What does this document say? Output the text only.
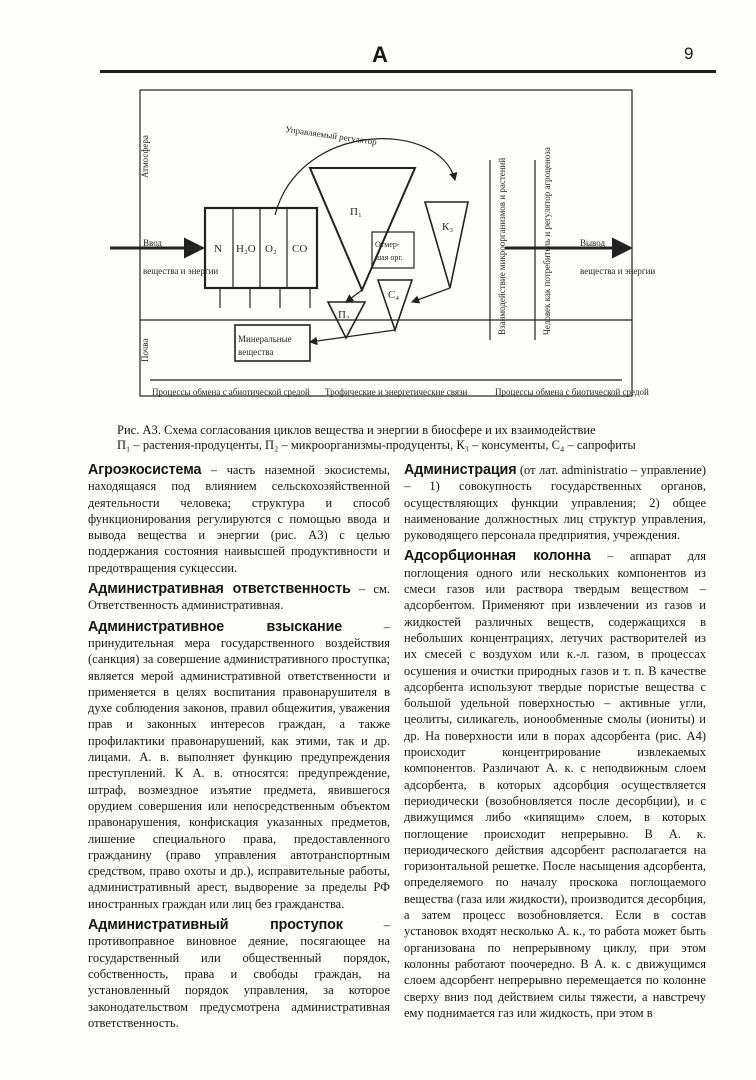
А	9
Атмосфера
Почва
Ввод
вещества и энергии
Вывод
вещества и энергии
Управляемый регулятор
Взаимодействие микроорганизмов и растений	Человек как потребитель и регулятор агроценоза
Отмер-
шая орг.
Минеральные
вещества
Процессы обмена с абиотической средой Трофические и энергетические связи	Процессы обмена с биотической средой
N H₂O O₂ CO
П₁
К₃
С₄
П₂
Рис. А3. Схема согласования циклов вещества и энергии в биосфере и их взаимодействие
П₁ – растения-продуценты, П₂ – микроорганизмы-продуценты, К₃ – консументы, С₄ – сапрофиты

Агроэкосистема – часть наземной экосистемы, находящаяся под влиянием сельскохозяйственной деятельности человека; структура и способ функционирования регулируются с помощью ввода и вывода вещества и энергии (рис. А3) с целью поддержания состояния наивысшей продуктивности и предотвращения сукцессии.

Административная ответственность – см. Ответственность административная.

Административное взыскание – принудительная мера государственного воздействия (санкция) за совершение административного проступка; является мерой административной ответственности и применяется в целях воспитания правонарушителя в духе соблюдения законов, правил общежития, уважения прав и законных интересов граждан, а также профилактики правонарушений, как этими, так и др. лицами. А. в. выполняет функцию предупреждения преступлений. К А. в. относятся: предупреждение, штраф, возмездное изъятие предмета, явившегося орудием совершения или непосредственным объектом правонарушения, конфискация указанных предметов, лишение специального права, предоставленного гражданину (право управления автотранспортным средством, право охоты и др.), исправительные работы, административный арест, выдворение за пределы РФ иностранных граждан или лиц без гражданства.

Административный проступок – противоправное виновное деяние, посягающее на государственный или общественный порядок, собственность, права и свободы граждан, на установленный порядок управления, за которое законодательством предусмотрена административная ответственность.

Администрация (от лат. administratio – управление) – 1) совокупность государственных органов, осуществляющих функции управления; 2) общее наименование должностных лиц структур управления, руководящего персонала предприятия, учреждения.

Адсорбционная колонна – аппарат для поглощения одного или нескольких компонентов из смеси газов или раствора твердым веществом – адсорбентом. Применяют при извлечении из газов и жидкостей различных веществ, содержащихся в небольших концентрациях, летучих растворителей из их смесей с воздухом или к.-л. газом, в процессах осушения и очистки природных газов и т. п. В качестве адсорбента используют твердые пористые вещества с большой удельной поверхностью – активные угли, цеолиты, силикагель, ионообменные смолы (иониты) и др. На поверхности или в порах адсорбента (рис. А4) происходит концентрирование извлекаемых компонентов. Различают А. к. с неподвижным слоем адсорбента, в которых адсорбция осуществляется периодически (возобновляется после десорбции), и с движущимся либо «кипящим» слоем, в которых поглощение происходит непрерывно. В А. к. периодического действия адсорбент располагается на горизонтальной решетке. После насыщения адсорбента, определяемого по началу проскока поглощаемого вещества (газа или жидкости), производится десорбция, а затем процесс возобновляется. Если в состав установок входят несколько А. к., то работа может быть организована по непрерывному циклу, при этом колонны работают поочередно. В А. к. с движущимся слоем адсорбент непрерывно перемещается по колонне сверху вниз под действием силы тяжести, а навстречу ему поднимается газ или жидкость, при этом в
